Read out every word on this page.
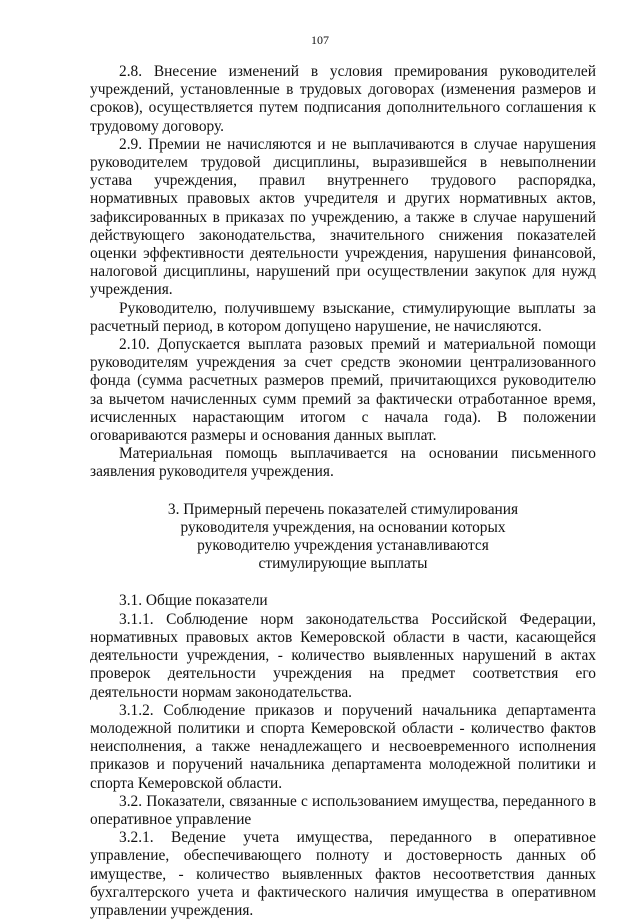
107

2.8. Внесение изменений в условия премирования руководителей учреждений, установленные в трудовых договорах (изменения размеров и сроков), осуществляется путем подписания дополнительного соглашения к трудовому договору.

2.9. Премии не начисляются и не выплачиваются в случае нарушения руководителем трудовой дисциплины, выразившейся в невыполнении устава учреждения, правил внутреннего трудового распорядка, нормативных правовых актов учредителя и других нормативных актов, зафиксированных в приказах по учреждению, а также в случае нарушений действующего законодательства, значительного снижения показателей оценки эффективности деятельности учреждения, нарушения финансовой, налоговой дисциплины, нарушений при осуществлении закупок для нужд учреждения.

Руководителю, получившему взыскание, стимулирующие выплаты за расчетный период, в котором допущено нарушение, не начисляются.

2.10. Допускается выплата разовых премий и материальной помощи руководителям учреждения за счет средств экономии централизованного фонда (сумма расчетных размеров премий, причитающихся руководителю за вычетом начисленных сумм премий за фактически отработанное время, исчисленных нарастающим итогом с начала года). В положении оговариваются размеры и основания данных выплат.

Материальная помощь выплачивается на основании письменного заявления руководителя учреждения.

3. Примерный перечень показателей стимулирования

руководителя учреждения, на основании которых

руководителю учреждения устанавливаются

стимулирующие выплаты

3.1. Общие показатели

3.1.1. Соблюдение норм законодательства Российской Федерации, нормативных правовых актов Кемеровской области в части, касающейся деятельности учреждения, - количество выявленных нарушений в актах проверок деятельности учреждения на предмет соответствия его деятельности нормам законодательства.

3.1.2. Соблюдение приказов и поручений начальника департамента молодежной политики и спорта Кемеровской области - количество фактов неисполнения, а также ненадлежащего и несвоевременного исполнения приказов и поручений начальника департамента молодежной политики и спорта Кемеровской области.

3.2. Показатели, связанные с использованием имущества, переданного в оперативное управление

3.2.1. Ведение учета имущества, переданного в оперативное управление, обеспечивающего полноту и достоверность данных об имуществе, - количество выявленных фактов несоответствия данных бухгалтерского учета и фактического наличия имущества в оперативном управлении учреждения.
